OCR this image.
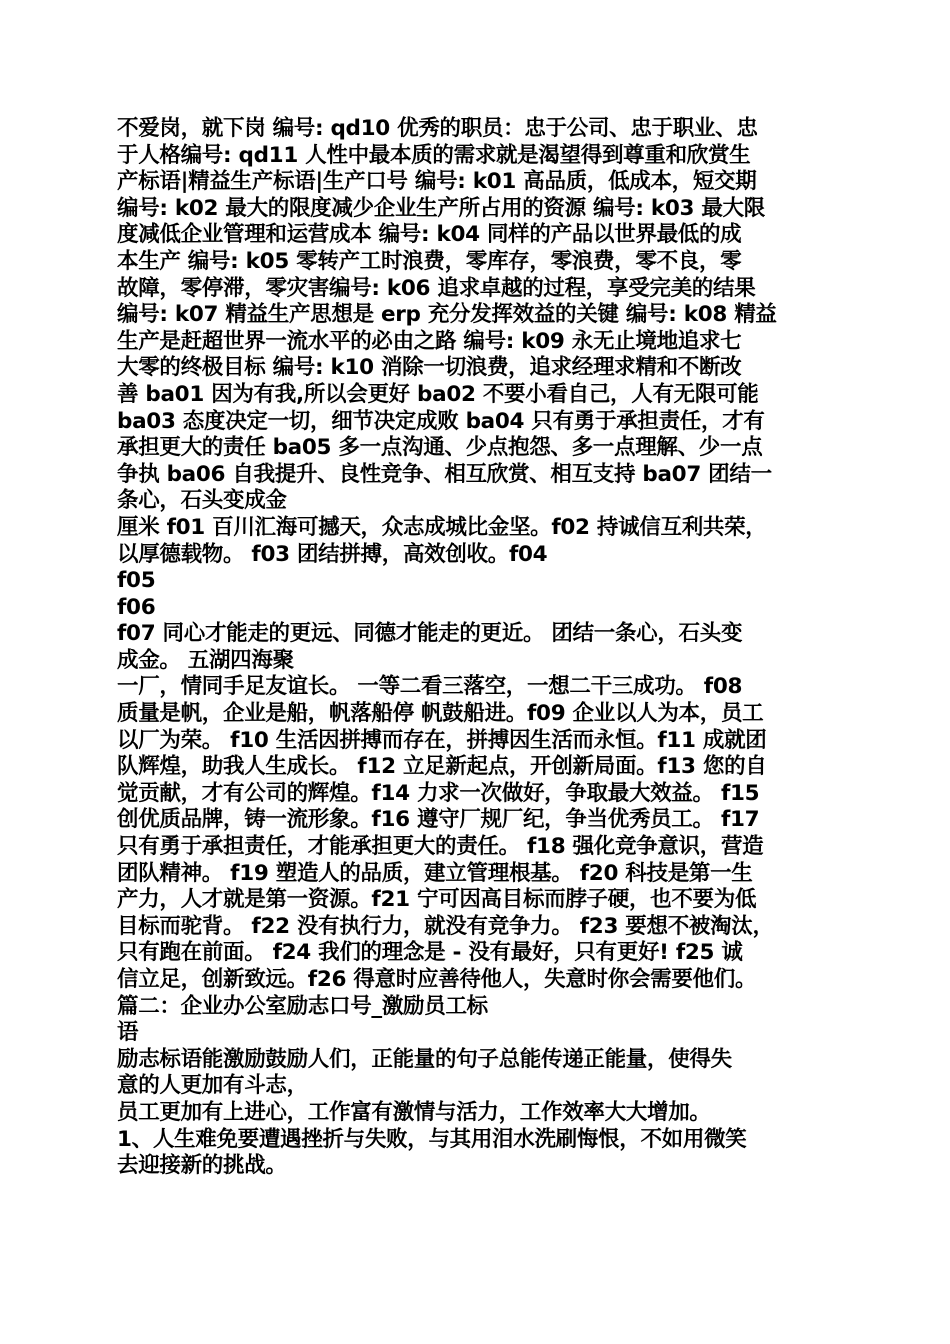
不爱岗，就下岗 编号: qd10 优秀的职员：忠于公司、忠于职业、忠
于人格编号: qd11 人性中最本质的需求就是渴望得到尊重和欣赏生
产标语|精益生产标语|生产口号 编号: k01 高品质，低成本，短交期
编号: k02 最大的限度减少企业生产所占用的资源 编号: k03 最大限
度减低企业管理和运营成本 编号: k04 同样的产品以世界最低的成
本生产 编号: k05 零转产工时浪费，零库存，零浪费，零不良，零
故障，零停滞，零灾害编号: k06 追求卓越的过程，享受完美的结果
编号: k07 精益生产思想是 erp 充分发挥效益的关键 编号: k08 精益
生产是赶超世界一流水平的必由之路 编号: k09 永无止境地追求七
大零的终极目标 编号: k10 消除一切浪费，追求经理求精和不断改
善 ba01 因为有我,所以会更好 ba02 不要小看自己，人有无限可能
ba03 态度决定一切，细节决定成败 ba04 只有勇于承担责任，才有
承担更大的责任 ba05 多一点沟通、少点抱怨、多一点理解、少一点
争执 ba06 自我提升、良性竞争、相互欣赏、相互支持 ba07 团结一
条心，石头变成金
厘米 f01 百川汇海可撼天，众志成城比金坚。f02 持诚信互利共荣，
以厚德载物。 f03 团结拼搏，高效创收。f04
f05
f06
f07 同心才能走的更远、同德才能走的更近。 团结一条心，石头变
成金。 五湖四海聚
一厂，情同手足友谊长。 一等二看三落空，一想二干三成功。 f08
质量是帆，企业是船，帆落船停 帆鼓船进。f09 企业以人为本，员工
以厂为荣。 f10 生活因拼搏而存在，拼搏因生活而永恒。f11 成就团
队辉煌，助我人生成长。 f12 立足新起点，开创新局面。f13 您的自
觉贡献，才有公司的辉煌。f14 力求一次做好，争取最大效益。 f15
创优质品牌，铸一流形象。f16 遵守厂规厂纪，争当优秀员工。 f17
只有勇于承担责任，才能承担更大的责任。 f18 强化竞争意识，营造
团队精神。 f19 塑造人的品质，建立管理根基。 f20 科技是第一生
产力，人才就是第一资源。f21 宁可因高目标而脖子硬，也不要为低
目标而驼背。 f22 没有执行力，就没有竞争力。 f23 要想不被淘汰，
只有跑在前面。 f24 我们的理念是 - 没有最好，只有更好! f25 诚
信立足，创新致远。f26 得意时应善待他人，失意时你会需要他们。
篇二：企业办公室励志口号_激励员工标
语
励志标语能激励鼓励人们，正能量的句子总能传递正能量，使得失
意的人更加有斗志，
员工更加有上进心，工作富有激情与活力，工作效率大大增加。
1、人生难免要遭遇挫折与失败，与其用泪水洗刷悔恨，不如用微笑
去迎接新的挑战。
